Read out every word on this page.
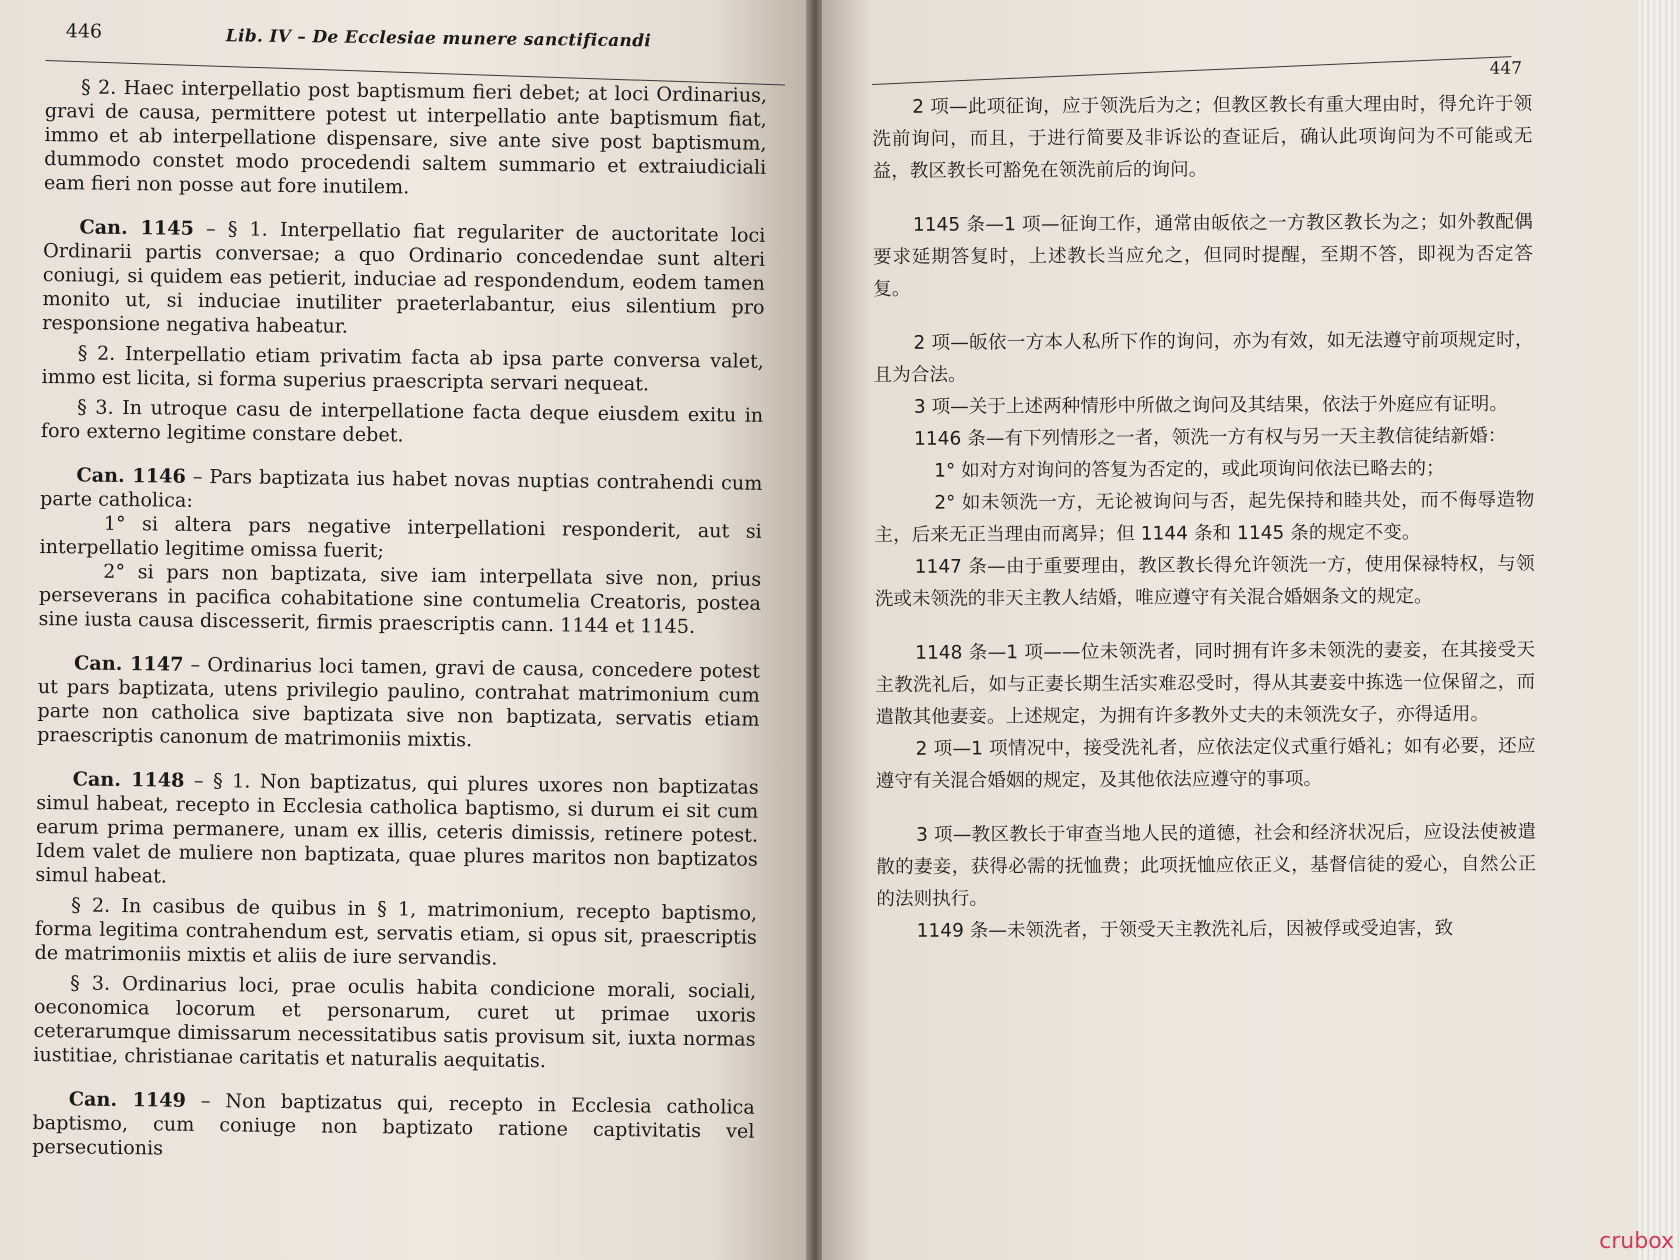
446	Lib. IV – De Ecclesiae munere sanctificandi

§ 2. Haec interpellatio post baptismum fieri debet; at loci Ordinarius, gravi de causa, permittere potest ut interpellatio ante baptismum fiat, immo et ab interpellatione dispensare, sive ante sive post baptismum, dummodo constet modo procedendi saltem summario et extraiudiciali eam fieri non posse aut fore inutilem.

Can. 1145 – § 1. Interpellatio fiat regulariter de auctoritate loci Ordinarii partis conversae; a quo Ordinario concedendae sunt alteri coniugi, si quidem eas petierit, induciae ad respondendum, eodem tamen monito ut, si induciae inutiliter praeterlabantur, eius silentium pro responsione negativa habeatur.

§ 2. Interpellatio etiam privatim facta ab ipsa parte conversa valet, immo est licita, si forma superius praescripta servari nequeat.

§ 3. In utroque casu de interpellatione facta deque eiusdem exitu in foro externo legitime constare debet.

Can. 1146 – Pars baptizata ius habet novas nuptias contrahendi cum parte catholica:

1° si altera pars negative interpellationi responderit, aut si interpellatio legitime omissa fuerit;

2° si pars non baptizata, sive iam interpellata sive non, prius perseverans in pacifica cohabitatione sine contumelia Creatoris, postea sine iusta causa discesserit, firmis praescriptis cann. 1144 et 1145.

Can. 1147 – Ordinarius loci tamen, gravi de causa, concedere potest ut pars baptizata, utens privilegio paulino, contrahat matrimonium cum parte non catholica sive baptizata sive non baptizata, servatis etiam praescriptis canonum de matrimoniis mixtis.

Can. 1148 – § 1. Non baptizatus, qui plures uxores non baptizatas simul habeat, recepto in Ecclesia catholica baptismo, si durum ei sit cum earum prima permanere, unam ex illis, ceteris dimissis, retinere potest. Idem valet de muliere non baptizata, quae plures maritos non baptizatos simul habeat.

§ 2. In casibus de quibus in § 1, matrimonium, recepto baptismo, forma legitima contrahendum est, servatis etiam, si opus sit, praescriptis de matrimoniis mixtis et aliis de iure servandis.

§ 3. Ordinarius loci, prae oculis habita condicione morali, sociali, oeconomica locorum et personarum, curet ut primae uxoris ceterarumque dimissarum necessitatibus satis provisum sit, iuxta normas iustitiae, christianae caritatis et naturalis aequitatis.

Can. 1149 – Non baptizatus qui, recepto in Ecclesia catholica baptismo, cum coniuge non baptizato ratione captivitatis vel persecutionis

447

2 项—此项征询，应于领洗后为之；但教区教长有重大理由时，得允许于领洗前询问，而且，于进行简要及非诉讼的查证后，确认此项询问为不可能或无益，教区教长可豁免在领洗前后的询问。

1145 条—1 项—征询工作，通常由皈依之一方教区教长为之；如外教配偶要求延期答复时，上述教长当应允之，但同时提醒，至期不答，即视为否定答复。

2 项—皈依一方本人私所下作的询问，亦为有效，如无法遵守前项规定时，且为合法。

3 项—关于上述两种情形中所做之询问及其结果，依法于外庭应有证明。

1146 条—有下列情形之一者，领洗一方有权与另一天主教信徒结新婚：

1° 如对方对询问的答复为否定的，或此项询问依法已略去的；

2° 如未领洗一方，无论被询问与否，起先保持和睦共处，而不侮辱造物主，后来无正当理由而离异；但 1144 条和 1145 条的规定不变。

1147 条—由于重要理由，教区教长得允许领洗一方，使用保禄特权，与领洗或未领洗的非天主教人结婚，唯应遵守有关混合婚姻条文的规定。

1148 条—1 项——位未领洗者，同时拥有许多未领洗的妻妾，在其接受天主教洗礼后，如与正妻长期生活实难忍受时，得从其妻妾中拣选一位保留之，而遣散其他妻妾。上述规定，为拥有许多教外丈夫的未领洗女子，亦得适用。

2 项—1 项情况中，接受洗礼者，应依法定仪式重行婚礼；如有必要，还应遵守有关混合婚姻的规定，及其他依法应遵守的事项。

3 项—教区教长于审查当地人民的道德，社会和经济状况后，应设法使被遣散的妻妾，获得必需的抚恤费；此项抚恤应依正义，基督信徒的爱心，自然公正的法则执行。

1149 条—未领洗者，于领受天主教洗礼后，因被俘或受迫害，致

crubox
